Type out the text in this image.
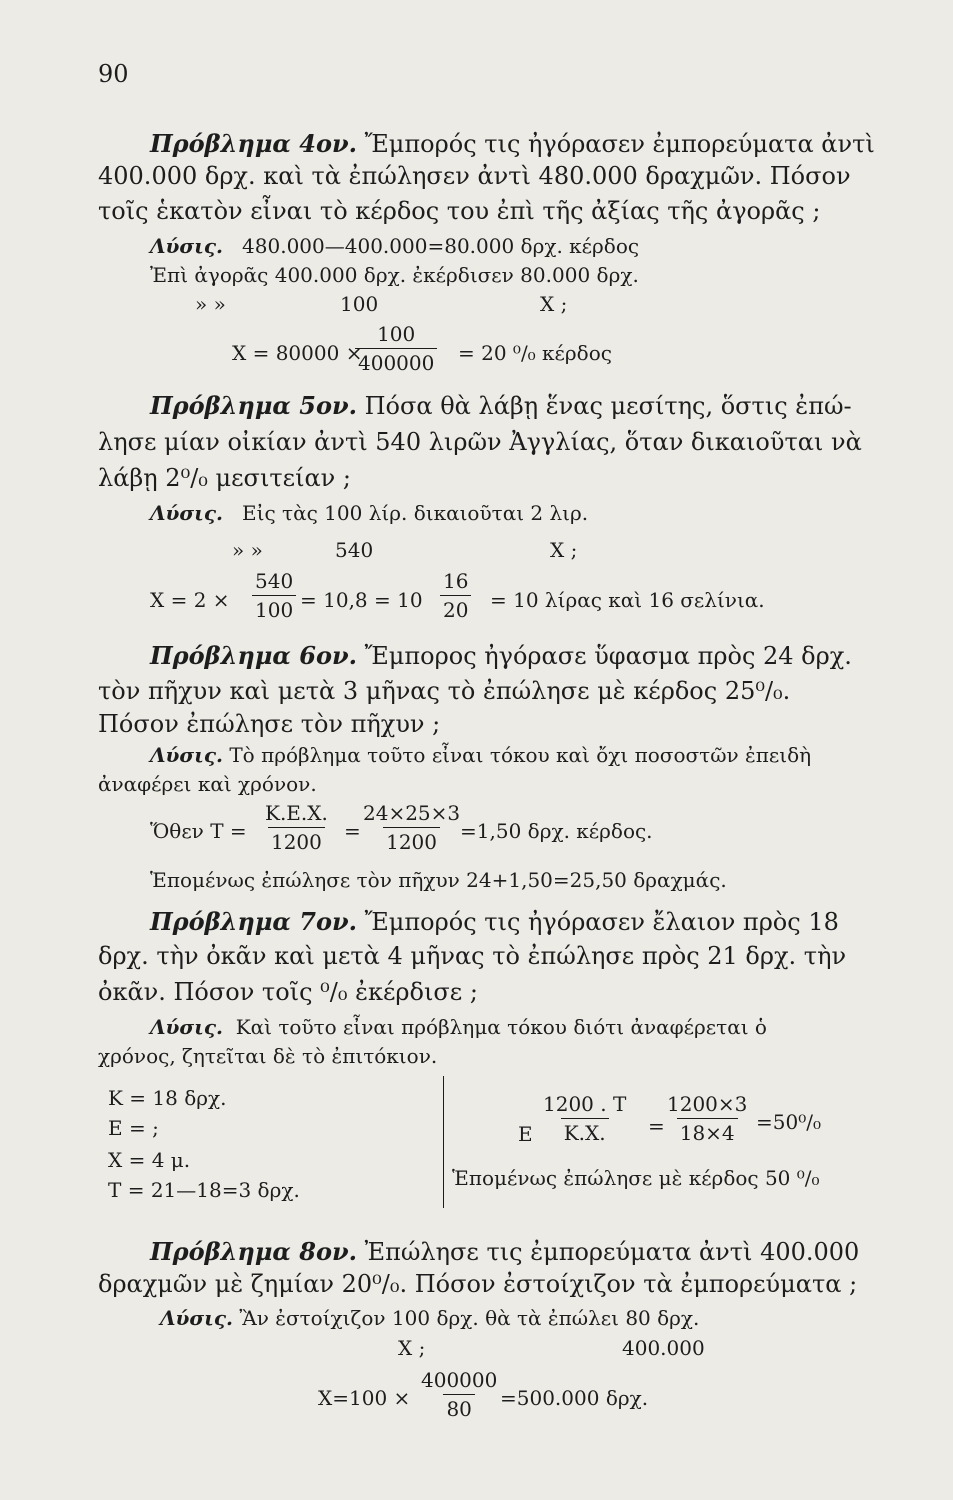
90
Πρόβλημα 4ον. Ἔμπορός τις ἠγόρασεν ἐμπορεύματα ἀντὶ
400.000 δρχ. καὶ τὰ ἐπώλησεν ἀντὶ 480.000 δραχμῶν. Πόσον
τοῖς ἑκατὸν εἶναι τὸ κέρδος του ἐπὶ τῆς ἀξίας τῆς ἀγορᾶς ;
Λύσις. 480.000—400.000=80.000 δρχ. κέρδος
Ἐπὶ ἀγορᾶς 400.000 δρχ. ἐκέρδισεν 80.000 δρχ.
» »	100	X ;
X = 80000 ×
$\frac{100}{400000} = 20$ ⁰/₀ κέρδος
Πρόβλημα 5ον. Πόσα θὰ λάβῃ ἕνας μεσίτης, ὅστις ἐπώ-
λησε μίαν οἰκίαν ἀντὶ 540 λιρῶν Ἀγγλίας, ὅταν δικαιοῦται νὰ
λάβῃ 2⁰/₀ μεσιτείαν ;
Λύσις. Εἰς τὰς 100 λίρ. δικαιοῦται 2 λιρ.
» »	540	X ;
$X = 2 \times \frac{540}{100} = 10,8 = 10 \frac{16}{20} = 10$ λίρας καὶ 16 σελίνια.
Πρόβλημα 6ον. Ἔμπορος ἠγόρασε ὕφασμα πρὸς 24 δρχ.
τὸν πῆχυν καὶ μετὰ 3 μῆνας τὸ ἐπώλησε μὲ κέρδος 25⁰/₀.
Πόσον ἐπώλησε τὸν πῆχυν ;
Λύσις. Τὸ πρόβλημα τοῦτο εἶναι τόκου καὶ ὄχι ποσοστῶν ἐπειδὴ
ἀναφέρει καὶ χρόνον.
Ὅθεν $T = \frac{K.E.X.}{1200} = \frac{24\times 25\times 3}{1200}$
=1,50 δρχ. κέρδος.
Ἑπομένως ἐπώλησε τὸν πῆχυν 24+1,50=25,50 δραχμάς.
Πρόβλημα 7ον. Ἔμπορός τις ἠγόρασεν ἔλαιον πρὸς 18
δρχ. τὴν ὀκᾶν καὶ μετὰ 4 μῆνας τὸ ἐπώλησε πρὸς 21 δρχ. τὴν
ὀκᾶν. Πόσον τοῖς ⁰/₀ ἐκέρδισε ;
Λύσις. Καὶ τοῦτο εἶναι πρόβλημα τόκου διότι ἀναφέρεται ὁ
χρόνος, ζητεῖται δὲ τὸ ἐπιτόκιον.
Κ = 18 δρχ.
Ε = ;
Χ = 4 μ.
Τ = 21—18=3 δρχ.
Ε $\frac{1200 . T}{K.X.} = \frac{1200\times 3}{18\times 4} =50^0/_0$
Ἑπομένως ἐπώλησε μὲ κέρδος 50 ⁰/₀
Πρόβλημα 8ον. Ἐπώλησε τις ἐμπορεύματα ἀντὶ 400.000
δραχμῶν μὲ ζημίαν 20⁰/₀. Πόσον ἐστοίχιζον τὰ ἐμπορεύματα ;
Λύσις. Ἂν ἐστοίχιζον 100 δρχ. θὰ τὰ ἐπώλει 80 δρχ.
X ;	400.000
$X=100 \times \frac{400000}{80} =500.000$ δρχ.
